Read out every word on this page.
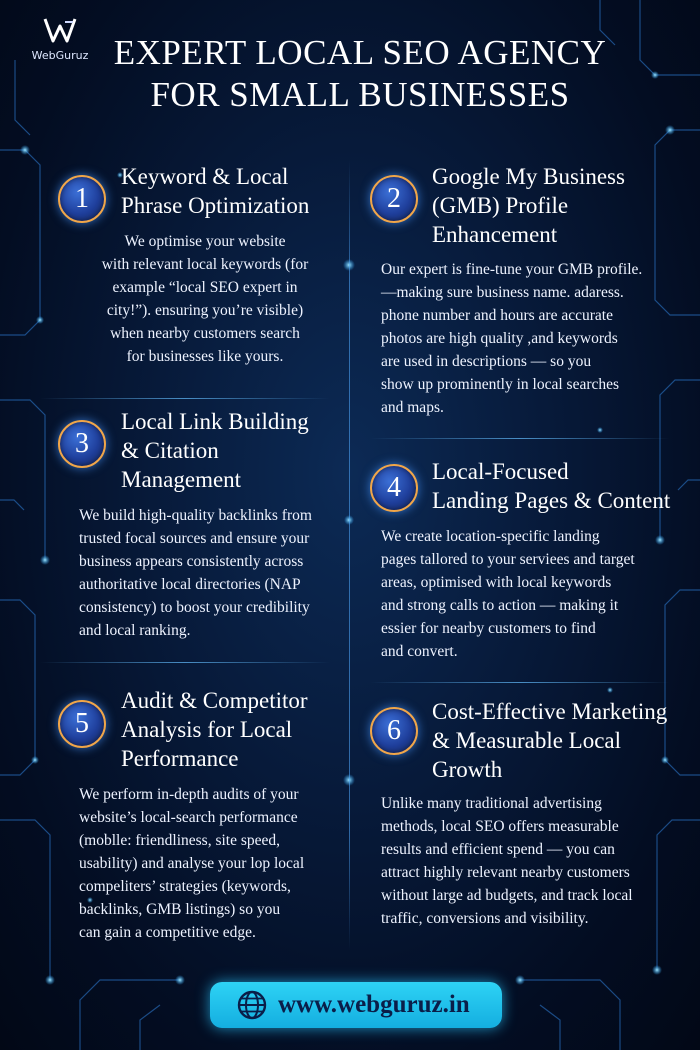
WebGuruz EXPERT LOCAL SEO AGENCY
FOR SMALL BUSINESSES
1
Keyword & Local
Phrase Optimization
We optimise your website
with relevant local keywords (for
example “local SEO expert in
city!”). ensuring you’re visible)
when nearby customers search
for businesses like yours.
2
Google My Business
(GMB) Profile
Enhancement
Our expert is fine-tune your GMB profile.
—making sure business name. adaress.
phone number and hours are accurate
photos are high quality ,and keywords
are used in descriptions — so you
show up prominently in local searches
and maps.
3
Local Link Building
& Citation
Management
We build high-quality backlinks from
trusted focal sources and ensure your
business appears consistently across
authoritative local directories (NAP
consistency) to boost your credibility
and local ranking.
4
Local-Focused
Landing Pages & Content
We create location-specific landing
pages tallored to your serviees and target
areas, optimised with local keywords
and strong calls to action — making it
essier for nearby customers to find
and convert.
5
Audit & Competitor
Analysis for Local
Performance
We perform in-depth audits of your
website’s local-search performance
(moblle: friendliness, site speed,
usability) and analyse your lop local
compeliters’ strategies (keywords,
backlinks, GMB listings) so you
can gain a competitive edge.
6
Cost-Effective Marketing
& Measurable Local
Growth
Unlike many traditional advertising
methods, local SEO offers measurable
results and efficient spend — you can
attract highly relevant nearby customers
without large ad budgets, and track local
traffic, conversions and visibility.
www.webguruz.in
